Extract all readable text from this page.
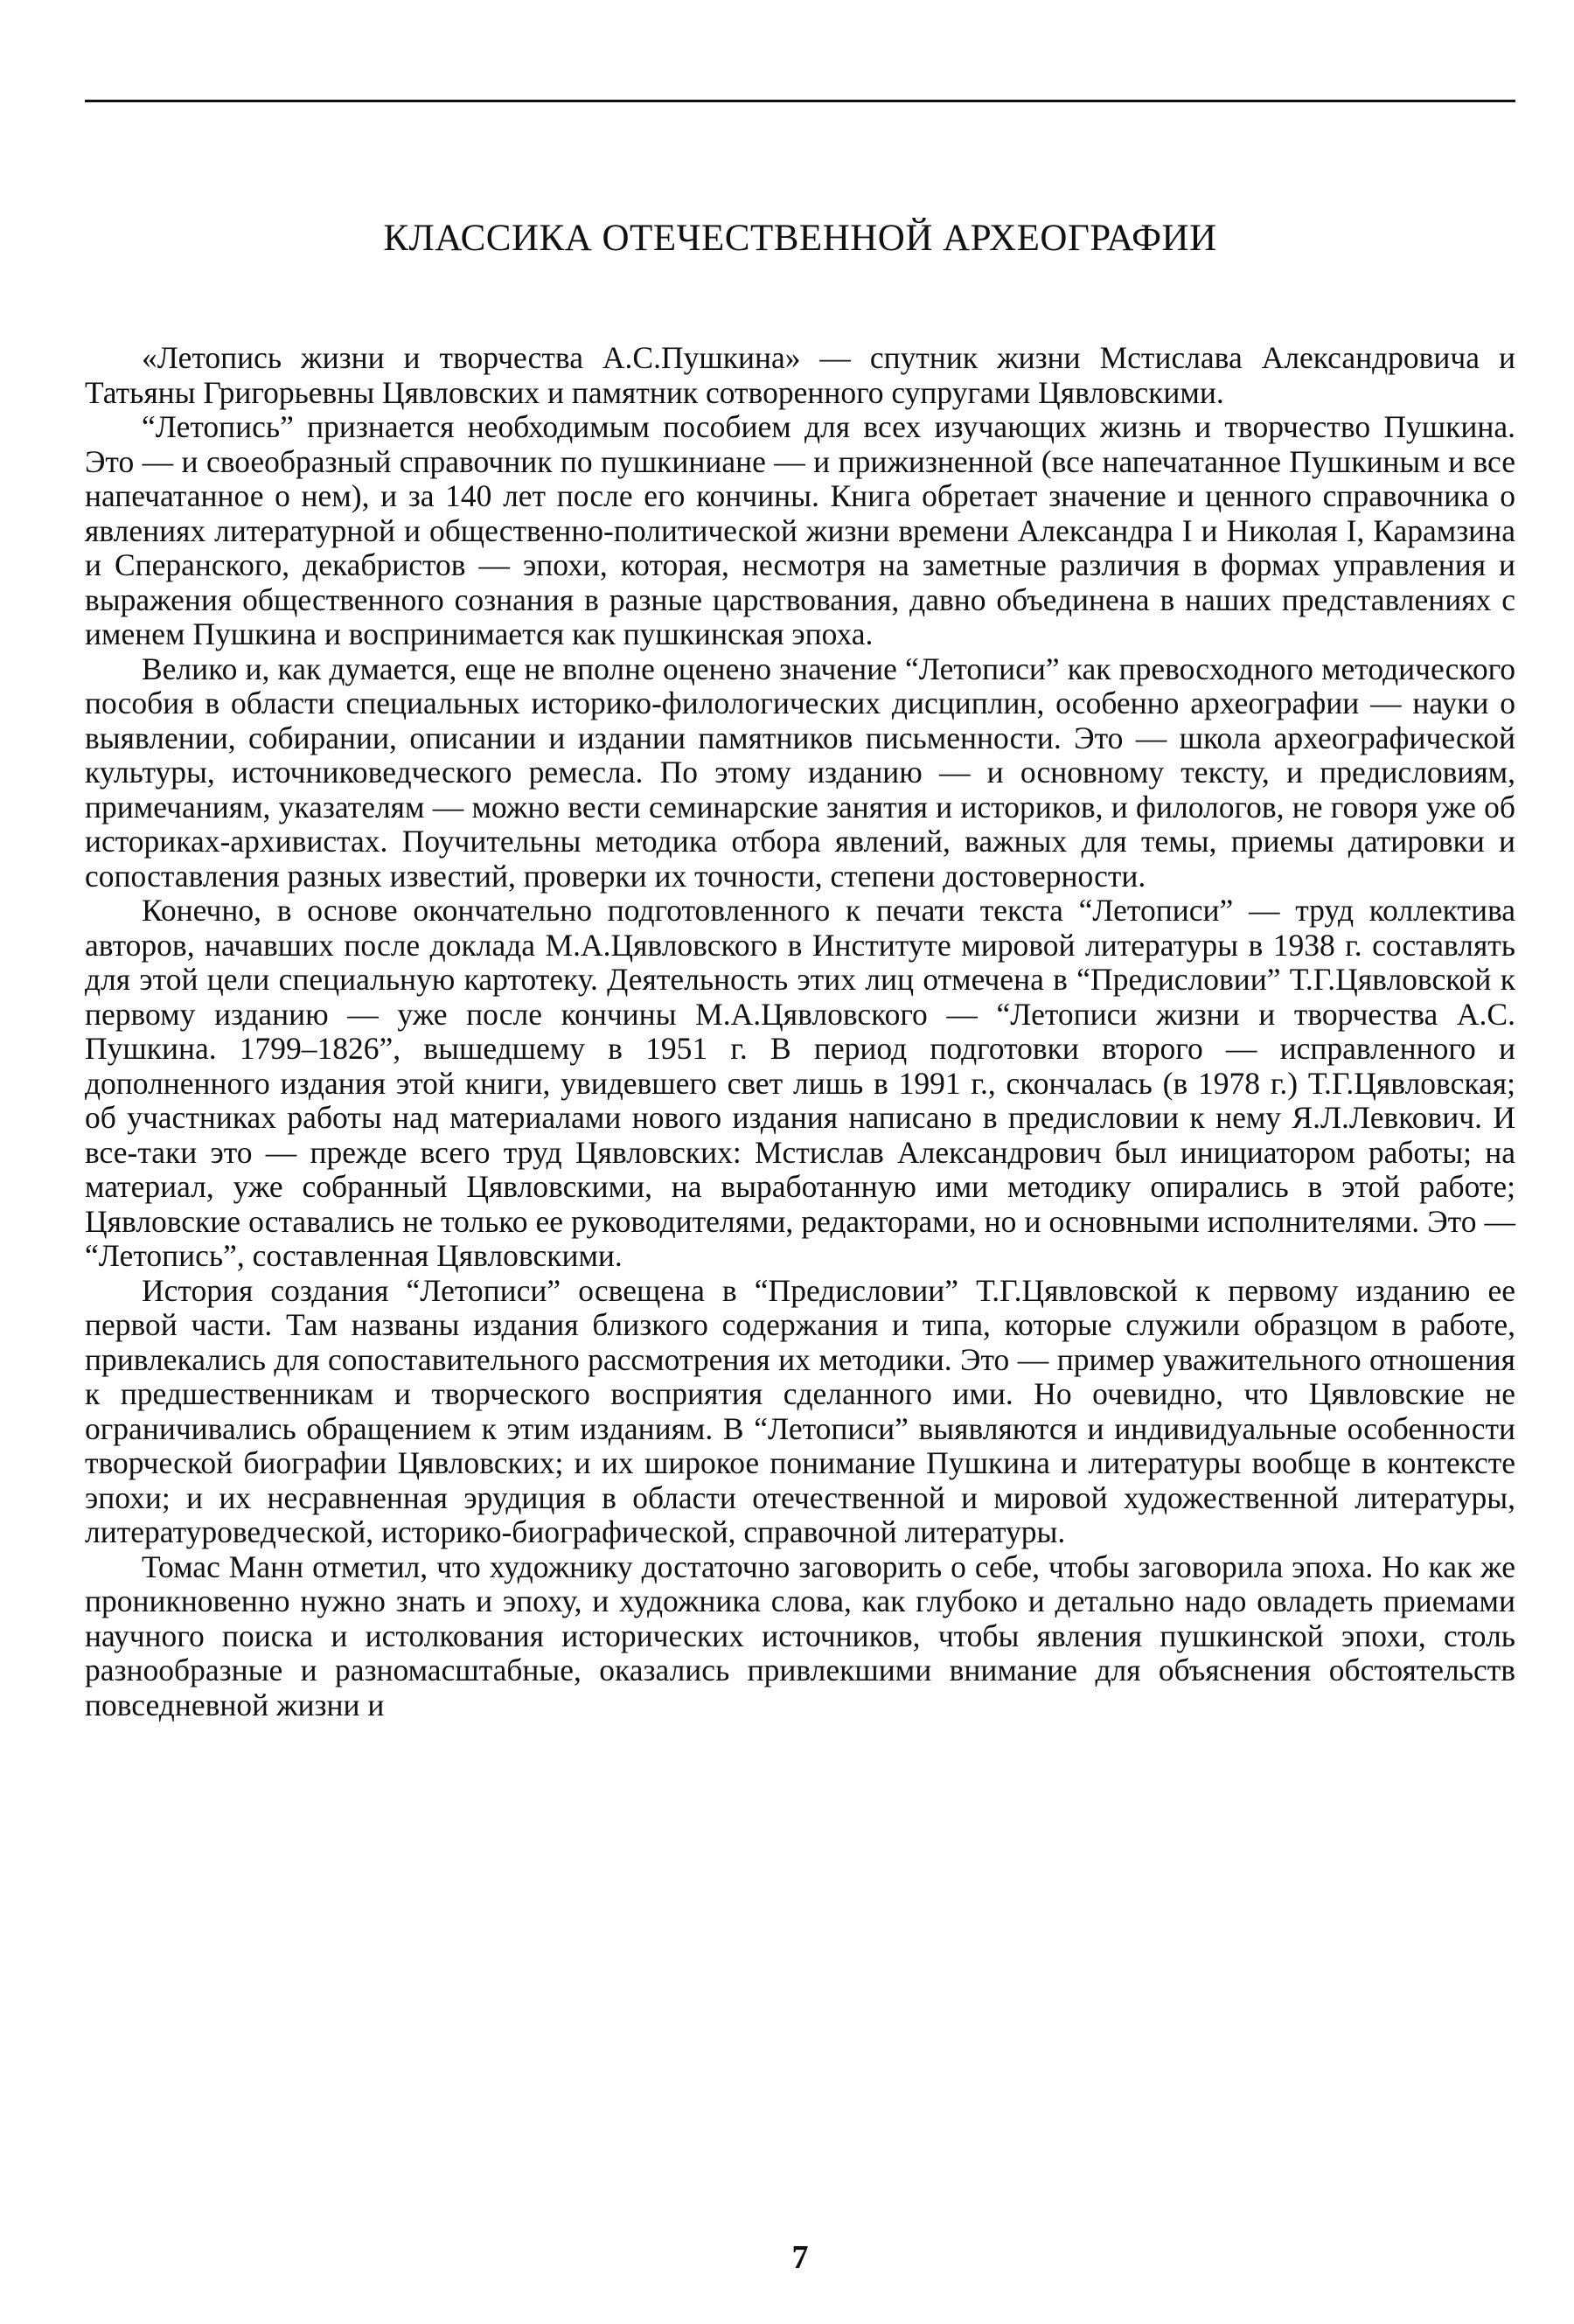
КЛАССИКА ОТЕЧЕСТВЕННОЙ АРХЕОГРАФИИ

«Летопись жизни и творчества А.С.Пушкина» — спутник жизни Мстислава Александровича и Татьяны Григорьевны Цявловских и памятник сотворенного супругами Цявловскими.

“Летопись” признается необходимым пособием для всех изучающих жизнь и творчество Пушкина. Это — и своеобразный справочник по пушкиниане — и прижизненной (все напечатанное Пушкиным и все напечатанное о нем), и за 140 лет после его кончины. Книга обретает значение и ценного справочника о явлениях литературной и общественно-политической жизни времени Александра I и Николая I, Карамзина и Сперанского, декабристов — эпохи, которая, несмотря на заметные различия в формах управления и выражения общественного сознания в разные царствования, давно объединена в наших представлениях с именем Пушкина и воспринимается как пушкинская эпоха.

Велико и, как думается, еще не вполне оценено значение “Летописи” как превосходного методического пособия в области специальных историко-филологических дисциплин, особенно археографии — науки о выявлении, собирании, описании и издании памятников письменности. Это — школа археографической культуры, источниковедческого ремесла. По этому изданию — и основному тексту, и предисловиям, примечаниям, указателям — можно вести семинарские занятия и историков, и филологов, не говоря уже об историках-архивистах. Поучительны методика отбора явлений, важных для темы, приемы датировки и сопоставления разных известий, проверки их точности, степени достоверности.

Конечно, в основе окончательно подготовленного к печати текста “Летописи” — труд коллектива авторов, начавших после доклада М.А.Цявловского в Институте мировой литературы в 1938 г. составлять для этой цели специальную картотеку. Деятельность этих лиц отмечена в “Предисловии” Т.Г.Цявловской к первому изданию — уже после кончины М.А.Цявловского — “Летописи жизни и творчества А.С. Пушкина. 1799–1826”, вышедшему в 1951 г. В период подготовки второго — исправленного и дополненного издания этой книги, увидевшего свет лишь в 1991 г., скончалась (в 1978 г.) Т.Г.Цявловская; об участниках работы над материалами нового издания написано в предисловии к нему Я.Л.Левкович. И все-таки это — прежде всего труд Цявловских: Мстислав Александрович был инициатором работы; на материал, уже собранный Цявловскими, на выработанную ими методику опирались в этой работе; Цявловские оставались не только ее руководителями, редакторами, но и основными исполнителями. Это — “Летопись”, составленная Цявловскими.

История создания “Летописи” освещена в “Предисловии” Т.Г.Цявловской к первому изданию ее первой части. Там названы издания близкого содержания и типа, которые служили образцом в работе, привлекались для сопоставительного рассмотрения их методики. Это — пример уважительного отношения к предшественникам и творческого восприятия сделанного ими. Но очевидно, что Цявловские не ограничивались обращением к этим изданиям. В “Летописи” выявляются и индивидуальные особенности творческой биографии Цявловских; и их широкое понимание Пушкина и литературы вообще в контексте эпохи; и их несравненная эрудиция в области отечественной и мировой художественной литературы, литературоведческой, историко-биографической, справочной литературы.

Томас Манн отметил, что художнику достаточно заговорить о себе, чтобы заговорила эпоха. Но как же проникновенно нужно знать и эпоху, и художника слова, как глубоко и детально надо овладеть приемами научного поиска и истолкования исторических источников, чтобы явления пушкинской эпохи, столь разнообразные и разномасштабные, оказались привлекшими внимание для объяснения обстоятельств повседневной жизни и

7
